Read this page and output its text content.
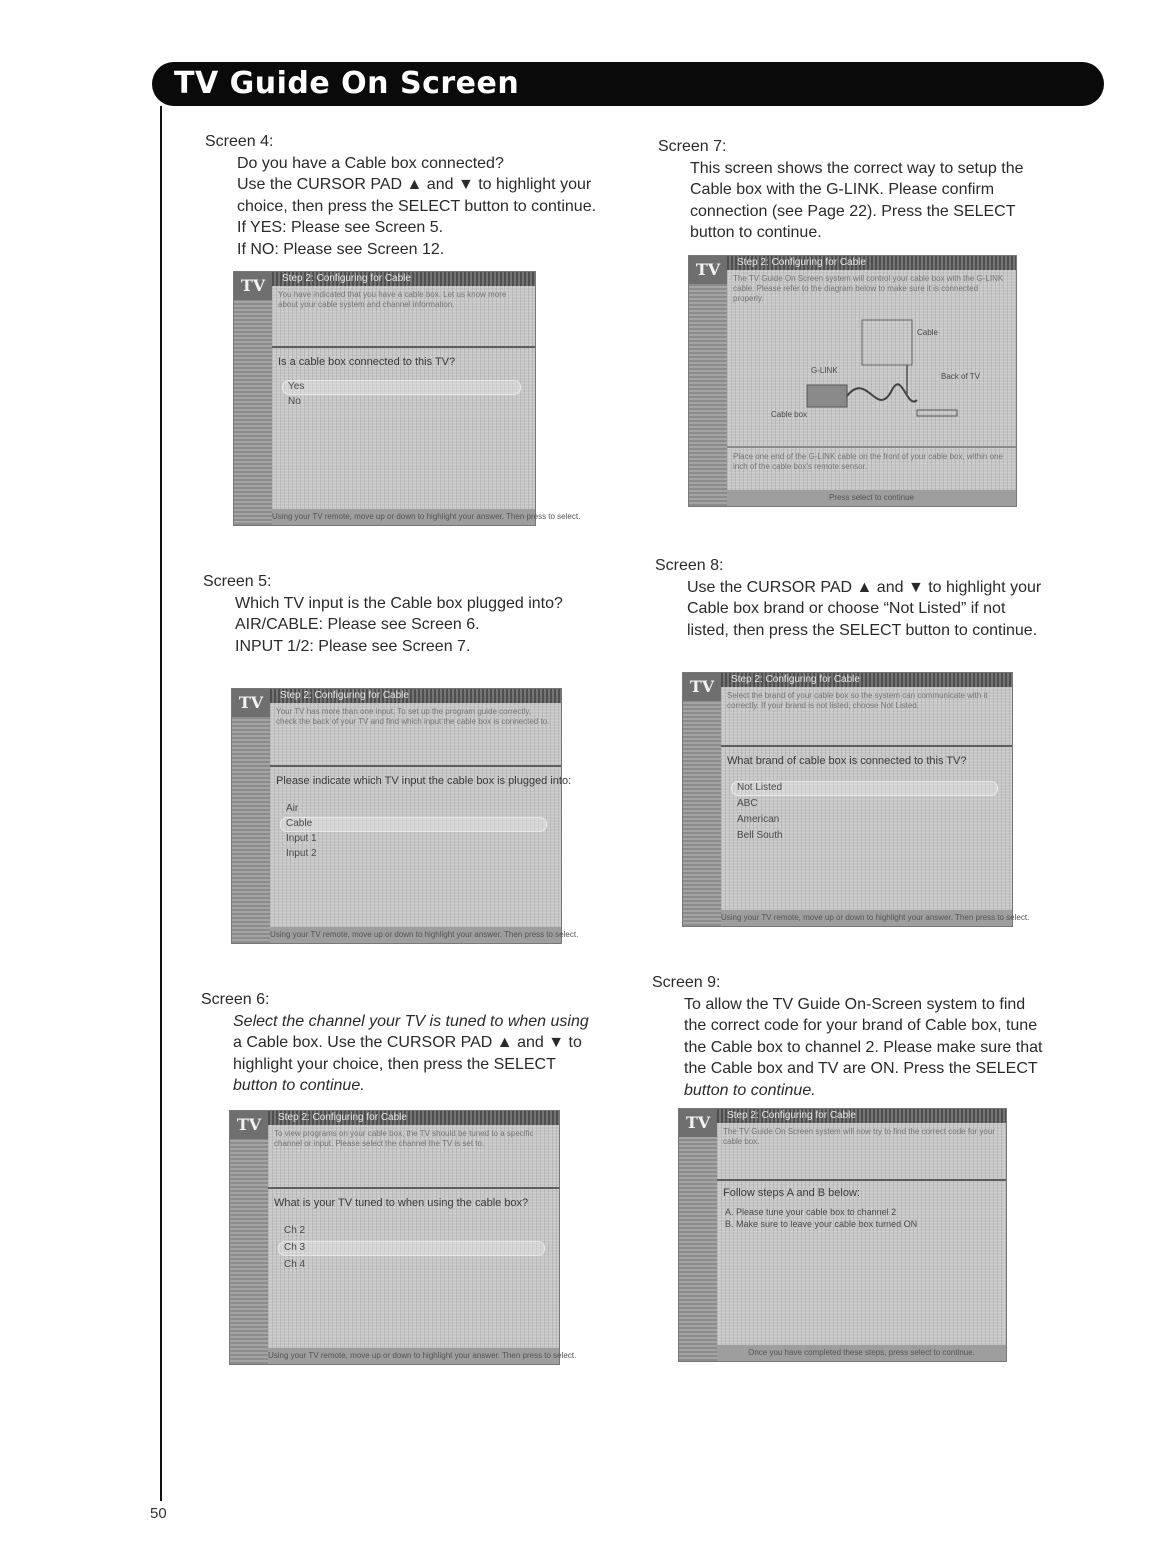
TV Guide On Screen
Screen 4:
Do you have a Cable box connected?
Use the CURSOR PAD ▲ and ▼ to highlight your
choice, then press the SELECT button to continue.
If YES: Please see Screen 5.
If NO: Please see Screen 12.
TV	Step 2: Configuring for Cable
You have indicated that you have a cable box. Let us know more about your cable system and channel information.
Is a cable box connected to this TV?
Yes
No
Using your TV remote, move up or down to highlight your answer. Then press to select.
Screen 5:
Which TV input is the Cable box plugged into?
AIR/CABLE: Please see Screen 6.
INPUT 1/2: Please see Screen 7.
TV	Step 2: Configuring for Cable
Your TV has more than one input. To set up the program guide correctly, check the back of your TV and find which input the cable box is connected to.
Please indicate which TV input the cable box is plugged into:
Air
Cable
Input 1
Input 2
Using your TV remote, move up or down to highlight your answer. Then press to select.
Screen 6:
Select the channel your TV is tuned to when using
a Cable box. Use the CURSOR PAD ▲ and ▼ to
highlight your choice, then press the SELECT
button to continue.
TV	Step 2: Configuring for Cable
To view programs on your cable box, the TV should be tuned to a specific channel or input. Please select the channel the TV is set to.
What is your TV tuned to when using the cable box?
Ch 2
Ch 3
Ch 4
Using your TV remote, move up or down to highlight your answer. Then press to select.
Screen 7:
This screen shows the correct way to setup the
Cable box with the G-LINK. Please confirm
connection (see Page 22). Press the SELECT
button to continue.
TV	Step 2: Configuring for Cable
The TV Guide On Screen system will control your cable box with the G-LINK cable. Please refer to the diagram below to make sure it is connected properly.
Cable
G-LINK
Cable box
Back of TV
Place one end of the G-LINK cable on the front of your cable box, within one inch of the cable box's remote sensor.
Press select to continue
Screen 8:
Use the CURSOR PAD ▲ and ▼ to highlight your
Cable box brand or choose “Not Listed” if not
listed, then press the SELECT button to continue.
TV	Step 2: Configuring for Cable
Select the brand of your cable box so the system can communicate with it correctly. If your brand is not listed, choose Not Listed.
What brand of cable box is connected to this TV?
Not Listed
ABC
American
Bell South
Using your TV remote, move up or down to highlight your answer. Then press to select.
Screen 9:
To allow the TV Guide On-Screen system to find
the correct code for your brand of Cable box, tune
the Cable box to channel 2. Please make sure that
the Cable box and TV are ON. Press the SELECT
button to continue.
TV	Step 2: Configuring for Cable
The TV Guide On Screen system will now try to find the correct code for your cable box.
Follow steps A and B below:
A. Please tune your cable box to channel 2
B. Make sure to leave your cable box turned ON
Once you have completed these steps, press select to continue.
50
